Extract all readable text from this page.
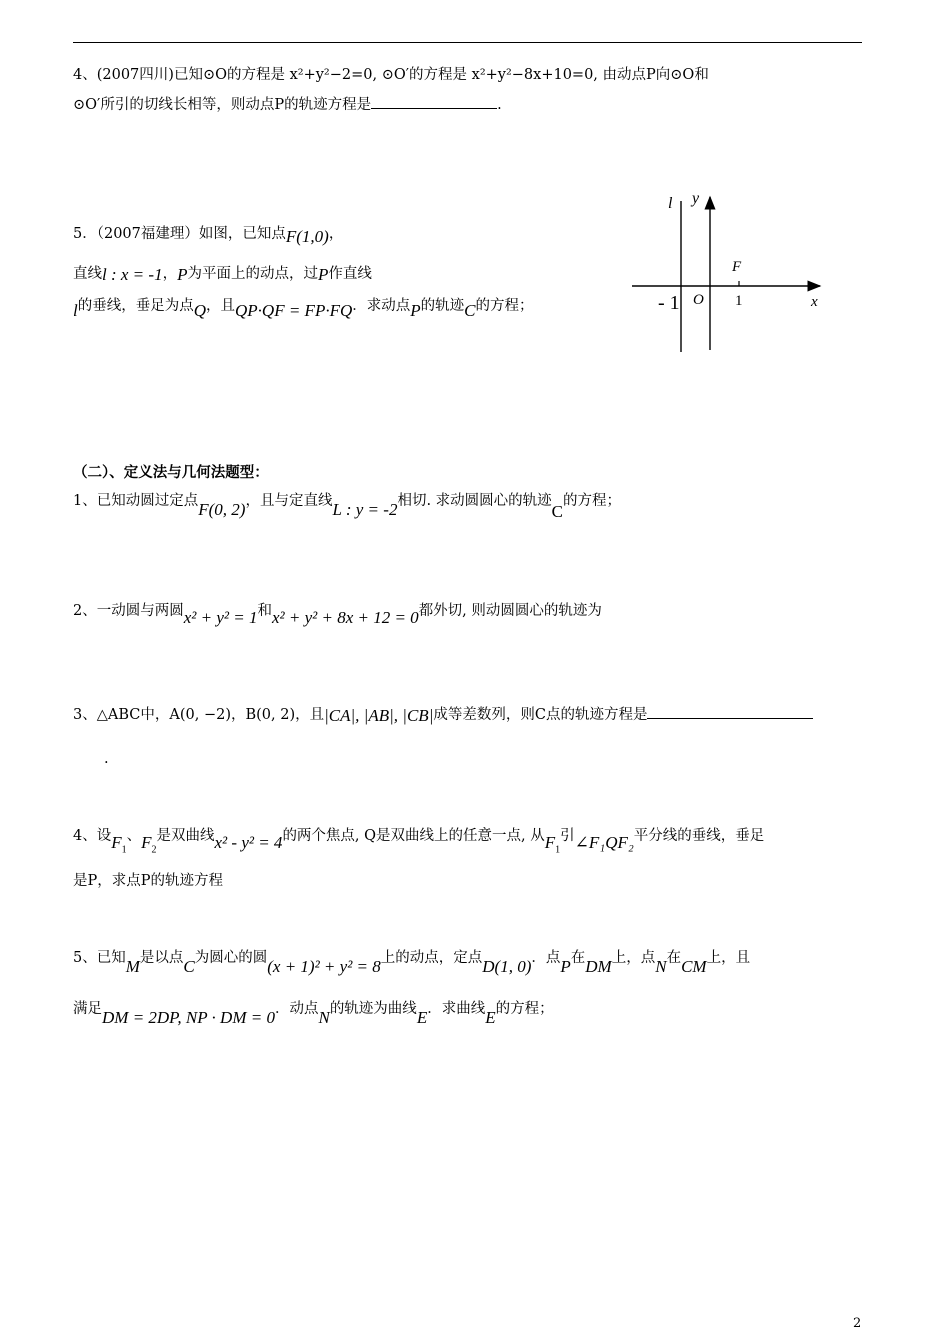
4、(2007四川)已知⊙O的方程是 x²+y²−2=0, ⊙O′的方程是 x²+y²−8x+10=0, 由动点P向⊙O和
⊙O′所引的切线长相等，则动点P的轨迹方程是	.
5．（2007福建理）如图，已知点F(1,0)，
直线l : x = -1，P为平面上的动点，过P作直线
l的垂线，垂足为点Q，且QP·QF = FP·FQ．求动点P的轨迹C的方程；
l y
x
F
O 1
- 1
（二）、定义法与几何法题型：
1、已知动圆过定点F(0, 2)，且与定直线L : y = -2相切. 求动圆圆心的轨迹C的方程；
2、一动圆与两圆x² + y² = 1和x² + y² + 8x + 12 = 0都外切, 则动圆圆心的轨迹为
3、△ABC中，A(0, −2)，B(0, 2)，且|CA|, |AB|, |CB|成等差数列，则C点的轨迹方程是
.
4、设$F_1$、$F_2$是双曲线x² - y² = 4的两个焦点, Q是双曲线上的任意一点, 从$F_1$引∠F₁QF₂平分线的垂线，垂足
是P，求点P的轨迹方程
5、已知M是以点C为圆心的圆(x + 1)² + y² = 8上的动点，定点D(1, 0)．点P在DM上，点N在CM上，且
满足DM = 2DP, NP · DM = 0．动点N的轨迹为曲线E．求曲线E的方程；
2
